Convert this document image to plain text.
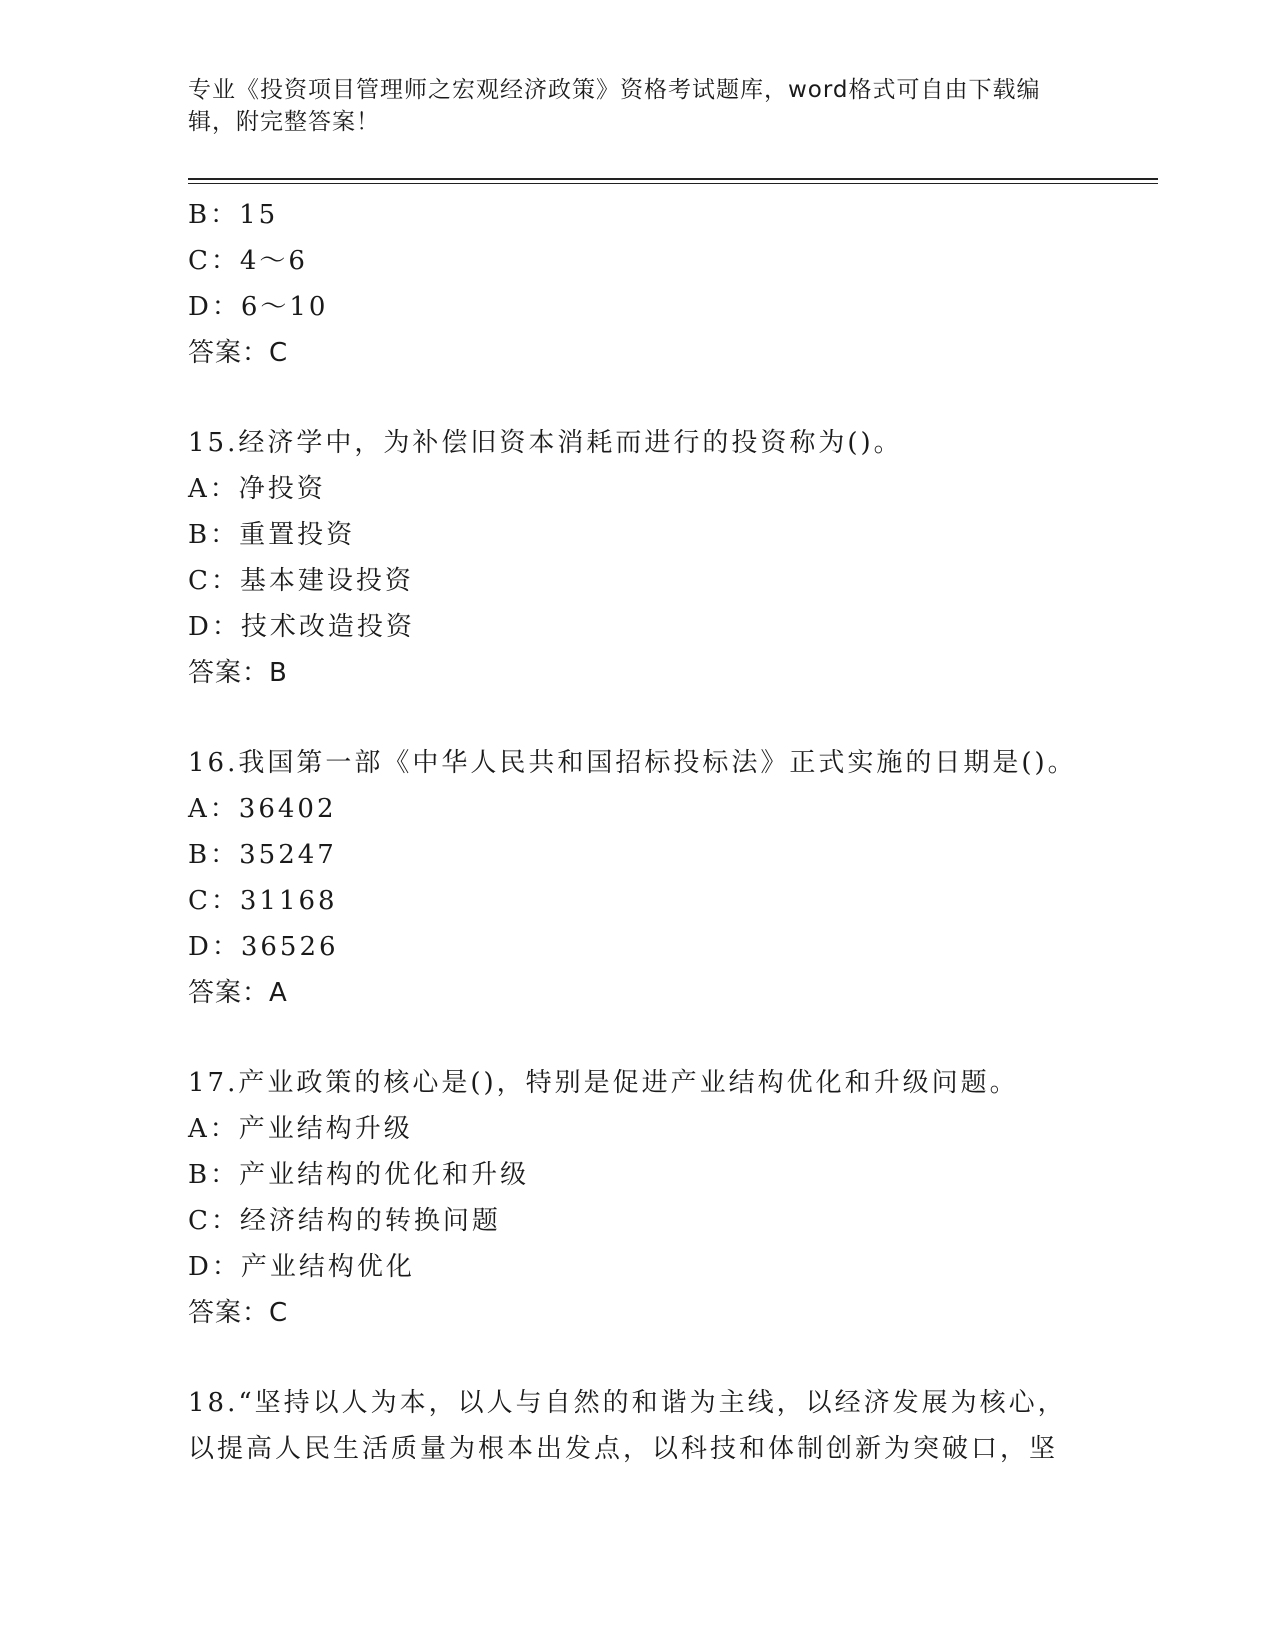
专业《投资项目管理师之宏观经济政策》资格考试题库，word格式可自由下载编辑，附完整答案！
B：15
C：4～6
D：6～10
答案：C
15.经济学中，为补偿旧资本消耗而进行的投资称为()。
A：净投资
B：重置投资
C：基本建设投资
D：技术改造投资
答案：B
16.我国第一部《中华人民共和国招标投标法》正式实施的日期是()。
A：36402
B：35247
C：31168
D：36526
答案：A
17.产业政策的核心是()，特别是促进产业结构优化和升级问题。
A：产业结构升级
B：产业结构的优化和升级
C：经济结构的转换问题
D：产业结构优化
答案：C
18.“坚持以人为本，以人与自然的和谐为主线，以经济发展为核心，
以提高人民生活质量为根本出发点，以科技和体制创新为突破口，坚
